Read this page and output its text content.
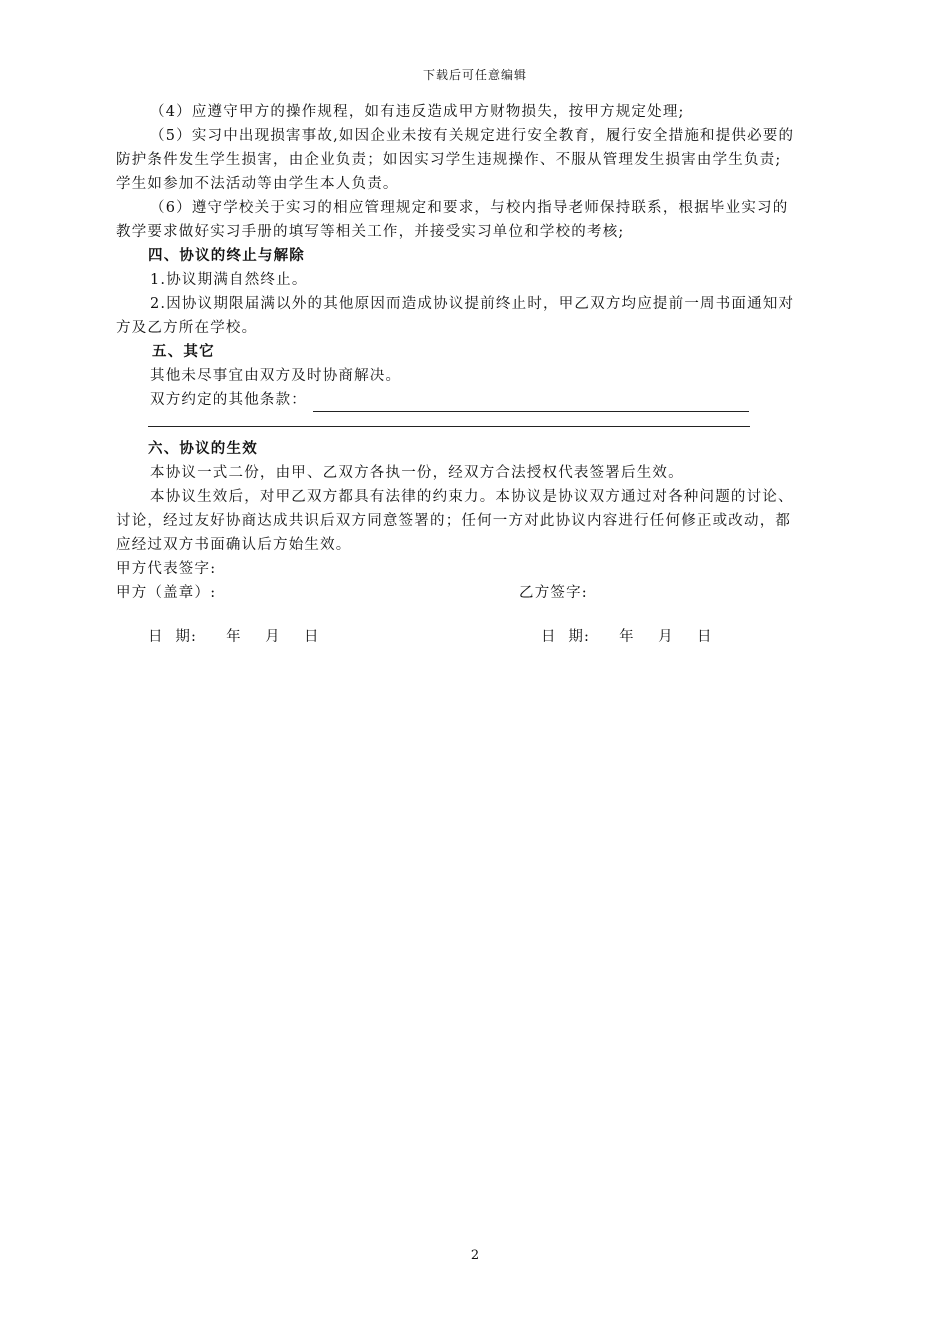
下载后可任意编辑
（4）应遵守甲方的操作规程，如有违反造成甲方财物损失，按甲方规定处理;
（5）实习中出现损害事故,如因企业未按有关规定进行安全教育，履行安全措施和提供必要的
防护条件发生学生损害，由企业负责；如因实习学生违规操作、不服从管理发生损害由学生负责;
学生如参加不法活动等由学生本人负责。
（6）遵守学校关于实习的相应管理规定和要求，与校内指导老师保持联系，根据毕业实习的
教学要求做好实习手册的填写等相关工作，并接受实习单位和学校的考核;
四、协议的终止与解除
1.协议期满自然终止。
2.因协议期限届满以外的其他原因而造成协议提前终止时，甲乙双方均应提前一周书面通知对
方及乙方所在学校。
五、其它
其他未尽事宜由双方及时协商解决。
双方约定的其他条款：
六、协议的生效
本协议一式二份，由甲、乙双方各执一份，经双方合法授权代表签署后生效。
本协议生效后，对甲乙双方都具有法律的约束力。本协议是协议双方通过对各种问题的讨论、
讨论，经过友好协商达成共识后双方同意签署的；任何一方对此协议内容进行任何修正或改动，都
应经过双方书面确认后方始生效。
甲方代表签字:
甲方（盖章）:	乙方签字:
日  期:     年    月    日	日  期:     年    月    日
2
